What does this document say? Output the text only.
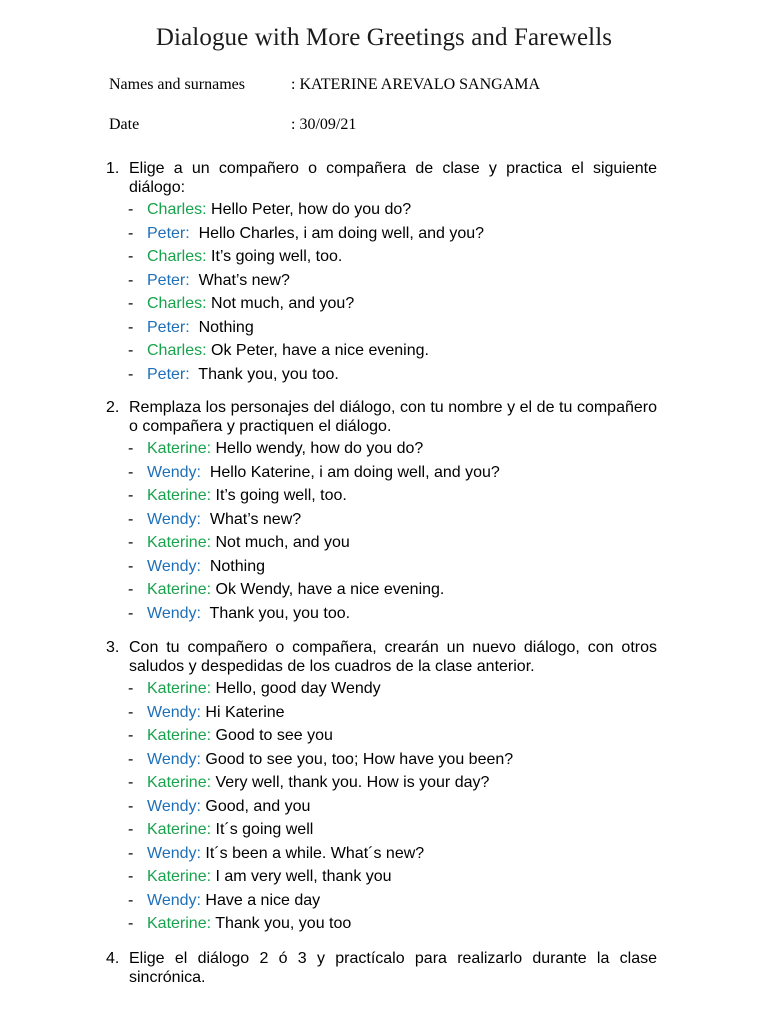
Dialogue with More Greetings and Farewells
Names and surnames	: KATERINE AREVALO SANGAMA
Date	: 30/09/21
1. Elige a un compañero o compañera de clase y practica el siguiente diálogo:
- Charles: Hello Peter, how do you do?
- Peter:  Hello Charles, i am doing well, and you?
- Charles: It’s going well, too.
- Peter:  What’s new?
- Charles: Not much, and you?
- Peter:  Nothing
- Charles: Ok Peter, have a nice evening.
- Peter:  Thank you, you too.
2. Remplaza los personajes del diálogo, con tu nombre y el de tu compañero o compañera y practiquen el diálogo.
- Katerine: Hello wendy, how do you do?
- Wendy:  Hello Katerine, i am doing well, and you?
- Katerine: It’s going well, too.
- Wendy:  What’s new?
- Katerine: Not much, and you
- Wendy:  Nothing
- Katerine: Ok Wendy, have a nice evening.
- Wendy:  Thank you, you too.
3. Con tu compañero o compañera, crearán un nuevo diálogo, con otros saludos y despedidas de los cuadros de la clase anterior.
- Katerine: Hello, good day Wendy
- Wendy: Hi Katerine
- Katerine: Good to see you
- Wendy: Good to see you, too; How have you been?
- Katerine: Very well, thank you. How is your day?
- Wendy: Good, and you
- Katerine: It´s going well
- Wendy: It´s been a while. What´s new?
- Katerine: I am very well, thank you
- Wendy: Have a nice day
- Katerine: Thank you, you too
4. Elige el diálogo 2 ó 3 y practícalo para realizarlo durante la clase sincrónica.
